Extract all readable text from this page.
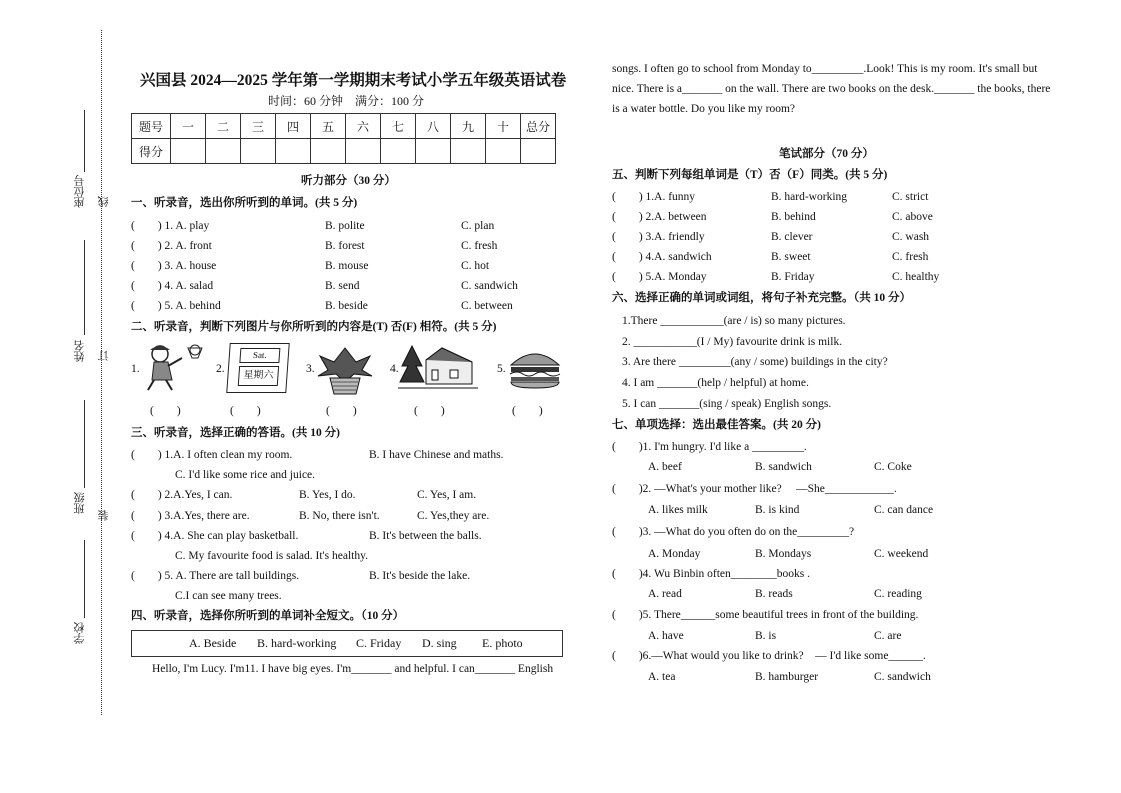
座位号 线
姓名 订
班级
装
学校
兴国县 2024—2025 学年第一学期期末考试小学五年级英语试卷
时间：60 分钟　满分：100 分
题号	一	二	三	四	五	六	七	八	九	十	总分
得分											
听力部分（30 分）
一、听录音，选出你所听到的单词。(共 5 分)
(　　) 1. A. play	B. polite	C. plan
(　　) 2. A. front	B. forest	C. fresh
(　　) 3. A. house	B. mouse	C. hot
(　　) 4. A. salad	B. send	C. sandwich
(　　) 5. A. behind	B. beside	C. between
二、听录音，判断下列图片与你所听到的内容是(T) 否(F) 相符。(共 5 分)
1.	2.
Sat.
星期六
3.	4.	5.
(　　)	(　　)	(　　)	(　　)	(　　)
三、听录音，选择正确的答语。(共 10 分)
(　　) 1.A. I often clean my room.	B. I have Chinese and maths.
C. I'd like some rice and juice.
(　　) 2.A.Yes, I can.	B. Yes, I do.	C. Yes, I am.
(　　) 3.A.Yes, there are.	B. No, there isn't.	C. Yes,they are.
(　　) 4.A. She can play basketball.	B. It's between the balls.
C. My favourite food is salad. It's healthy.
(　　) 5. A. There are tall buildings.	B. It's beside the lake.
C.I can see many trees.
四、听录音，选择你所听到的单词补全短文。（10 分）
A. Beside B. hard-working C. Friday D. sing E. photo
Hello, I'm Lucy. I'm11. I have big eyes. I'm_______ and helpful. I can_______ English
songs. I often go to school from Monday to_________.Look! This is my room. It's small but
nice. There is a_______ on the wall. There are two books on the desk._______ the books, there
is a water bottle. Do you like my room?
笔试部分（70 分）
五、判断下列每组单词是（T）否（F）同类。(共 5 分)
(　　) 1.A. funny	B. hard-working	C. strict
(　　) 2.A. between	B. behind	C. above
(　　) 3.A. friendly	B. clever	C. wash
(　　) 4.A. sandwich	B. sweet	C. fresh
(　　) 5.A. Monday	B. Friday	C. healthy
六、选择正确的单词或词组，将句子补充完整。（共 10 分）
1.There ___________(are / is) so many pictures.
2. ___________(I / My) favourite drink is milk.
3. Are there _________(any / some) buildings in the city?
4. I am _______(help / helpful) at home.
5. I can _______(sing / speak) English songs.
七、单项选择：选出最佳答案。(共 20 分)
(　　)1. I'm hungry. I'd like a _________.
A. beef	B. sandwich	C. Coke
(　　)2. —What's your mother like?　 —She____________.
A. likes milk	B. is kind	C. can dance
(　　)3. —What do you often do on the_________?
A. Monday	B. Mondays	C. weekend
(　　)4. Wu Binbin often________books .
A. read	B. reads	C. reading
(　　)5. There______some beautiful trees in front of the building.
A. have	B. is	C. are
(　　)6.—What would you like to drink?　— I'd like some______.
A. tea	B. hamburger	C. sandwich
